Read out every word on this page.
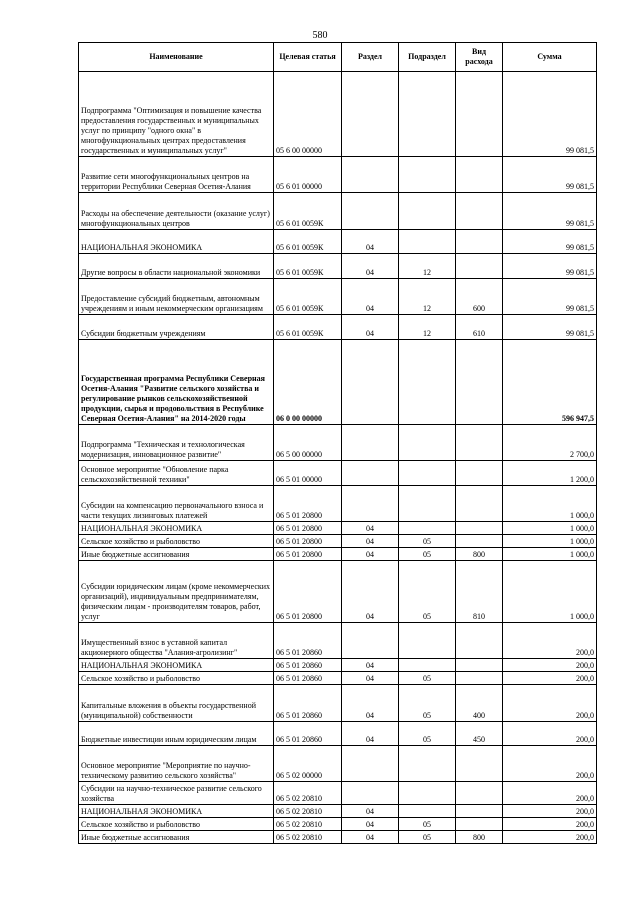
580
Наименование	Целевая статья	Раздел	Подраздел	Вид расхода	Сумма

Подпрограмма "Оптимизация и повышение качества предоставления государственных и муниципальных услуг по принципу "одного окна" в многофункциональных центрах предоставления государственных и муниципальных услуг"	05 6 00 00000				99 081,5

Развитие сети многофункциональных центров на территории Республики Северная Осетия-Алания	05 6 01 00000				99 081,5

Расходы на обеспечение деятельности (оказание услуг) многофункциональных центров	05 6 01 0059К				99 081,5

НАЦИОНАЛЬНАЯ ЭКОНОМИКА	05 6 01 0059К	04			99 081,5

Другие вопросы в области национальной экономики	05 6 01 0059К	04	12		99 081,5

Предоставление субсидий бюджетным, автономным учреждениям и иным некоммерческим организациям	05 6 01 0059К	04	12	600	99 081,5

Субсидии бюджетным учреждениям	05 6 01 0059К	04	12	610	99 081,5

Государственная программа Республики Северная Осетия-Алания "Развитие сельского хозяйства и регулирование рынков сельскохозяйственной продукции, сырья и продовольствия в Республике Северная Осетия-Алания" на 2014-2020 годы	06 0 00 00000				596 947,5

Подпрограмма "Техническая и технологическая модернизация, инновационное развитие"	06 5 00 00000				2 700,0

Основное мероприятие "Обновление парка сельскохозяйственной техники"	06 5 01 00000				1 200,0

Субсидии на компенсацию первоначального взноса и части текущих лизинговых платежей	06 5 01 20800				1 000,0

НАЦИОНАЛЬНАЯ ЭКОНОМИКА	06 5 01 20800	04			1 000,0

Сельское хозяйство и рыболовство	06 5 01 20800	04	05		1 000,0

Иные бюджетные ассигнования	06 5 01 20800	04	05	800	1 000,0

Субсидии юридическим лицам (кроме некоммерческих организаций), индивидуальным предпринимателям, физическим лицам - производителям товаров, работ, услуг	06 5 01 20800	04	05	810	1 000,0

Имущественный взнос в уставной капитал акционерного общества "Алания-агролизинг"	06 5 01 20860				200,0

НАЦИОНАЛЬНАЯ ЭКОНОМИКА	06 5 01 20860	04			200,0

Сельское хозяйство и рыболовство	06 5 01 20860	04	05		200,0

Капитальные вложения в объекты государственной (муниципальной) собственности	06 5 01 20860	04	05	400	200,0

Бюджетные инвестиции иным юридическим лицам	06 5 01 20860	04	05	450	200,0

Основное мероприятие "Мероприятие по научно-техническому развитию сельского хозяйства"	06 5 02 00000				200,0

Субсидии на научно-техническое развитие сельского хозяйства	06 5 02 20810				200,0

НАЦИОНАЛЬНАЯ ЭКОНОМИКА	06 5 02 20810	04			200,0

Сельское хозяйство и рыболовство	06 5 02 20810	04	05		200,0

Иные бюджетные ассигнования	06 5 02 20810	04	05	800	200,0
